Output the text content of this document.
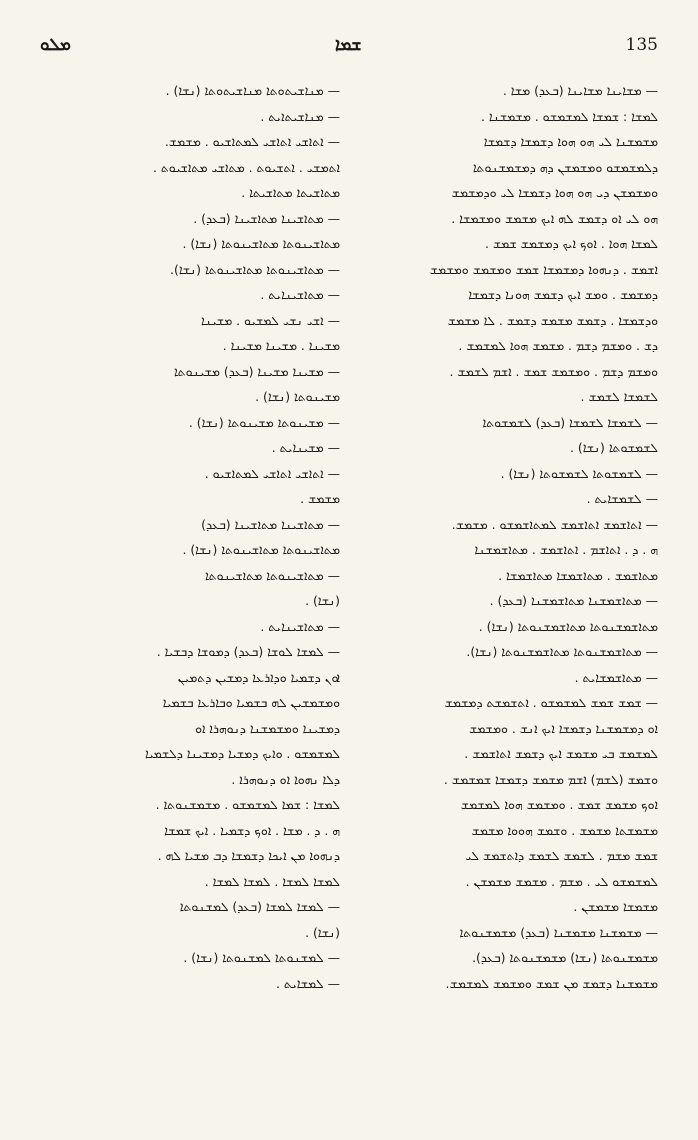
ܡܠܘ	ܫܡܐ	135
— ܡܢܐܫܝܬܘܬܐ ܡܢܐܫܝܬܘܬܐ (ܢܫܐ) .
— ܡܢܐܫܝܬܐܝܬ .
— ܐܬܐܫܝ ܐܬܐܫܝ ܠܡܬܐܫܝܘ . ܡܫܡܫ.
ܐܬܡܫܝ . ܐܬܫܝܘܬ . ܡܬܐܫܝ ܡܬܐܫܝܘܬ .
ܡܬܐܫܝܬܐ ܡܬܐܫܝܬܐ .
— ܡܬܐܫܝܢܐ ܡܬܐܫܝܢܐ (ܒܥܕ) .
ܡܬܐܫܝܢܘܬܐ ܡܬܐܫܝܢܘܬܐ (ܢܫܐ) .
— ܡܬܐܫܝܢܘܬܐ ܡܬܐܫܝܢܘܬܐ (ܢܫܐ).
— ܡܬܐܫܝܢܐܝܬ .
— ܐܫܝ ܢܫܝ ܠܡܫܝܘ . ܡܫܝܢܐ
ܡܫܝܢܐ . ܡܫܝܢܐ ܡܫܝܢܐ .
— ܡܫܝܢܐ ܡܫܝܢܐ (ܒܥܕ) ܡܫܝܢܘܬܐ
ܡܫܝܢܘܬܐ (ܢܫܐ) .
— ܡܫܝܢܘܬܐ ܡܫܝܢܘܬܐ (ܢܫܐ) .
— ܡܫܝܢܐܝܬ .
— ܐܬܐܫܝ ܐܬܐܫܝ ܠܡܬܐܫܝܘ .
ܡܫܡܫ .
— ܡܬܐܫܝܢܐ ܡܬܐܫܝܢܐ (ܒܥܕ)
ܡܬܐܫܝܢܘܬܐ ܡܬܐܫܝܢܘܬܐ (ܢܫܐ) .
— ܡܬܐܫܝܢܘܬܐ ܡܬܐܫܝܢܘܬܐ
(ܢܫܐ) .
— ܡܬܐܫܝܢܐܝܬ .
— ܠܡܫܐ ܠܘܫܐ (ܒܥܕ) ܕܡܘܫܐ ܕܒܫܝܐ .
ܐܘܢ ܕܫܡܝܐ ܘܕܐܪܥܐ ܕܡܫܝܢ ܕܬܡܝܢ
ܘܡܫܡܫܝܢ ܠܗ ܒܫܡܝܐ ܘܒܐܪܥܐ ܒܫܡܝܐ
ܕܡܫܝܢܐ ܘܡܫܡܫܢܐ ܕܢܘܗܪܐ ܐܘ
ܠܡܫܡܫܘ . ܘܐܝܟ ܕܡܫܝܐ ܕܡܫܝܢܐ ܕܠܫܡܝܐ
ܕܠܐ ܢܗܘܐ ܐܘ ܕܢܘܗܪܐ .
ܠܡܫܐ : ܫܡܐ ܠܡܫܡܫܘ . ܡܫܡܫܢܘܬܐ .
ܗ . ܕ . ܡܫܐ . ܐܘܟ ܕܫܡܝܐ . ܐܝܟ ܫܡܫܐ
ܕܢܗܘܐ ܡܢ ܐܝܟܐ ܕܫܡܫܐ ܕܒ ܡܫܝܐ ܠܗ .
ܠܡܫܐ ܠܡܫܐ . ܠܡܫܐ ܠܡܫܐ .
— ܠܡܫܐ ܠܡܫܐ (ܒܥܕ) ܠܡܫܢܘܬܐ
(ܢܫܐ) .
— ܠܡܫܢܘܬܐ ܠܡܫܢܘܬܐ (ܢܫܐ) .
— ܠܡܫܐܝܬ .
— ܡܫܐܝܢܐ ܡܫܐܝܢܐ (ܒܥܕ) ܡܫܐ .
ܠܡܫܐ : ܫܡܫܐ ܠܡܫܡܫܘ . ܡܫܡܫܢܐ .
ܡܫܡܫܢܐ ܠܝ ܗܘ ܗܘܐ ܕܫܡܫܐ ܕܫܡܫܐ
ܕܠܡܫܡܫܘ ܘܡܫܡܫܢ ܕܗ ܕܡܫܡܫܢܘܬܐ
ܘܡܫܡܫܢ ܕܝ ܗܘ ܗܘܐ ܕܫܡܫܐ ܠܝ ܘܕܡܫܡܫ
ܗܘ ܠܝ ܐܘ ܕܫܡܫ ܠܗ ܐܝܟ ܡܫܡܫ ܘܡܫܡܫܐ .
ܠܡܫܐ ܗܘܐ . ܐܘܟ ܐܝܟ ܕܡܫܡܫ ܫܡܫ .
ܐܫܡܫ . ܕܢܗܘܐ ܕܡܫܡܫܐ ܫܡܫ ܘܡܫܡܫ ܘܡܫܡܫ
ܕܡܫܡܫ . ܘܡܫ ܐܝܟ ܕܫܡܫ ܗܘܢܐ ܕܫܡܫܐ
ܘܕܫܡܫܐ . ܕܫܡܫ ܡܫܡܫ ܕܫܡܫ . ܠܐ ܡܫܡܫ
ܕܫ . ܘܡܫܡ ܕܫܡ . ܡܫܡܫ ܗܘܐ ܠܡܫܡܫ .
ܘܡܫܡ ܕܫܡ . ܘܡܫܡܫ ܫܡܫ . ܐܫܡ ܠܫܡܫ .
ܠܫܡܫܐ ܠܫܡܫ .
— ܠܫܡܫܐ ܠܫܡܫܐ (ܒܥܕ) ܠܫܡܫܘܬܐ
ܠܫܡܫܘܬܐ (ܢܫܐ) .
— ܠܫܡܫܘܬܐ ܠܫܡܫܘܬܐ (ܢܫܐ) .
— ܠܫܡܫܐܝܬ .
— ܐܬܐܫܡܫ ܐܬܐܫܡܫ ܠܡܬܐܫܡܫܘ . ܡܫܡܫ.
ܗ . ܕ . ܐܬܐܫܡ . ܐܬܐܫܡܫ . ܡܬܐܫܡܫܢܐ
ܡܬܐܫܡܫ . ܡܬܐܫܡܫܐ ܡܬܐܫܡܫܐ .
— ܡܬܐܫܡܫܢܐ ܡܬܐܫܡܫܢܐ (ܒܥܕ) .
ܡܬܐܫܡܫܢܘܬܐ ܡܬܐܫܡܫܢܘܬܐ (ܢܫܐ) .
— ܡܬܐܫܡܫܢܘܬܐ ܡܬܐܫܡܫܢܘܬܐ (ܢܫܐ).
— ܡܬܐܫܡܫܐܝܬ .
— ܫܡܫ ܫܡܫ ܠܡܫܡܫܘ . ܐܬܫܡܫܬ ܕܡܫܡܫ
ܐܘ ܕܡܫܡܫܢܐ ܕܫܡܫܐ ܐܝܟ ܐܢܫ . ܘܡܫܡܫ
ܠܡܫܡܫ ܒܝ ܡܫܡܫ ܐܝܟ ܕܫܡܫ ܐܬܐܫܡܫ .
ܘܫܡܫ (ܠܫܡ) ܐܫܡ ܡܫܡܫ ܕܫܡܫܐ ܫܡܫܡܫ .
ܐܘܟ ܡܫܡܫ ܫܡܫ . ܘܡܫܡܫ ܗܘܐ ܠܡܫܡܫ
ܡܫܡܫܬܐ ܡܫܡܫ . ܘܫܡܫ ܗܘܘܐ ܡܫܡܫ
ܫܡܫ ܡܫܡ . ܠܫܡܫ ܠܫܡܫ ܕܐܬܫܡܫ ܠܝ
ܠܡܫܡܫܘ ܠܝ . ܡܫܡ . ܡܫܡܫ ܡܫܡܫܢ .
ܡܫܡܫܐ ܡܫܡܫܢ .
— ܡܫܡܫܢܐ ܡܫܡܫܢܐ (ܒܥܕ) ܡܫܡܫܢܘܬܐ
ܡܫܡܫܢܘܬܐ (ܢܫܐ) ܡܫܡܫܢܘܬܐ (ܒܥܕ).
ܡܫܡܫܢܐ ܕܫܡܫ ܡܢ ܫܡܫ ܘܡܫܡܫ ܠܡܫܡܫ.
